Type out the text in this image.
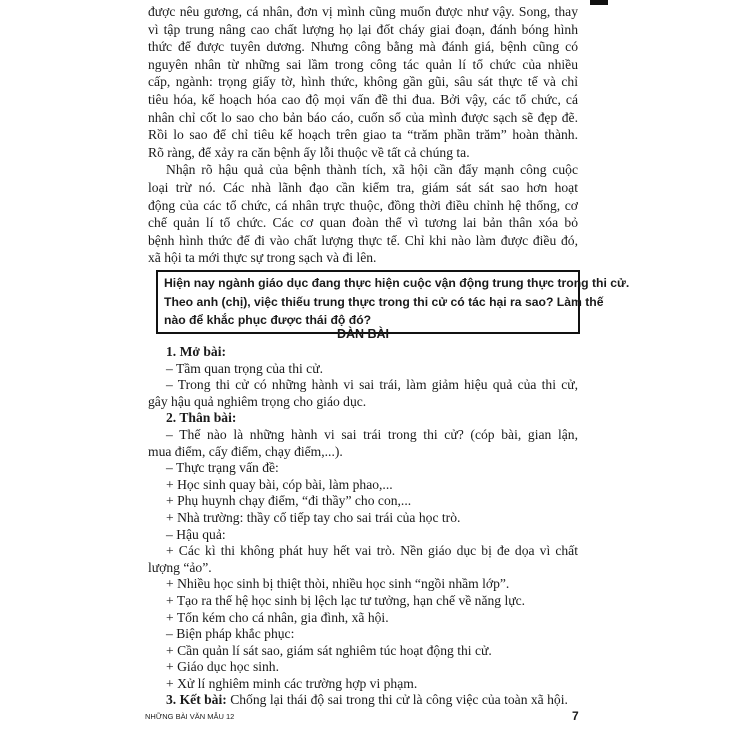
được nêu gương, cá nhân, đơn vị mình cũng muốn được như vậy. Song, thay
vì tập trung nâng cao chất lượng họ lại đốt cháy giai đoạn, đánh bóng hình
thức để được tuyên dương. Nhưng công bằng mà đánh giá, bệnh cũng có
nguyên nhân từ những sai lầm trong công tác quản lí tổ chức của nhiều
cấp, ngành: trọng giấy tờ, hình thức, không gần gũi, sâu sát thực tế và chỉ
tiêu hóa, kế hoạch hóa cao độ mọi vấn đề thi đua. Bởi vậy, các tổ chức, cá
nhân chỉ cốt lo sao cho bản báo cáo, cuốn sổ của mình được sạch sẽ đẹp đẽ.
Rồi lo sao để chỉ tiêu kế hoạch trên giao ta “trăm phần trăm” hoàn thành.
Rõ ràng, để xảy ra căn bệnh ấy lỗi thuộc về tất cả chúng ta.
Nhận rõ hậu quả của bệnh thành tích, xã hội cần đẩy mạnh công cuộc
loại trừ nó. Các nhà lãnh đạo cần kiểm tra, giám sát sát sao hơn hoạt
động của các tổ chức, cá nhân trực thuộc, đồng thời điều chỉnh hệ thống, cơ
chế quản lí tổ chức. Các cơ quan đoàn thể vì tương lai bản thân xóa bỏ
bệnh hình thức để đi vào chất lượng thực tế. Chỉ khi nào làm được điều đó,
xã hội ta mới thực sự trong sạch và đi lên.
Hiện nay ngành giáo dục đang thực hiện cuộc vận động trung thực trong thi cử.
Theo anh (chị), việc thiếu trung thực trong thi cử có tác hại ra sao? Làm thế
nào để khắc phục được thái độ đó?
DÀN BÀI
1. Mở bài:
– Tầm quan trọng của thi cử.
– Trong thi cử có những hành vi sai trái, làm giảm hiệu quả của thi cử,
gây hậu quả nghiêm trọng cho giáo dục.
2. Thân bài:
– Thế nào là những hành vi sai trái trong thi cử? (cóp bài, gian lận,
mua điểm, cấy điểm, chạy điểm,...).
– Thực trạng vấn đề:
+ Học sinh quay bài, cóp bài, làm phao,...
+ Phụ huynh chạy điểm, “đi thầy” cho con,...
+ Nhà trường: thầy cố tiếp tay cho sai trái của học trò.
– Hậu quả:
+ Các kì thi không phát huy hết vai trò. Nền giáo dục bị đe dọa vì chất
lượng “ảo”.
+ Nhiều học sinh bị thiệt thòi, nhiều học sinh “ngồi nhầm lớp”.
+ Tạo ra thế hệ học sinh bị lệch lạc tư tưởng, hạn chế về năng lực.
+ Tốn kém cho cá nhân, gia đình, xã hội.
– Biện pháp khắc phục:
+ Cần quản lí sát sao, giám sát nghiêm túc hoạt động thi cử.
+ Giáo dục học sinh.
+ Xử lí nghiêm minh các trường hợp vi phạm.
3. Kết bài: Chống lại thái độ sai trong thi cử là công việc của toàn xã hội.
NHỮNG BÀI VĂN MẪU 12	7
